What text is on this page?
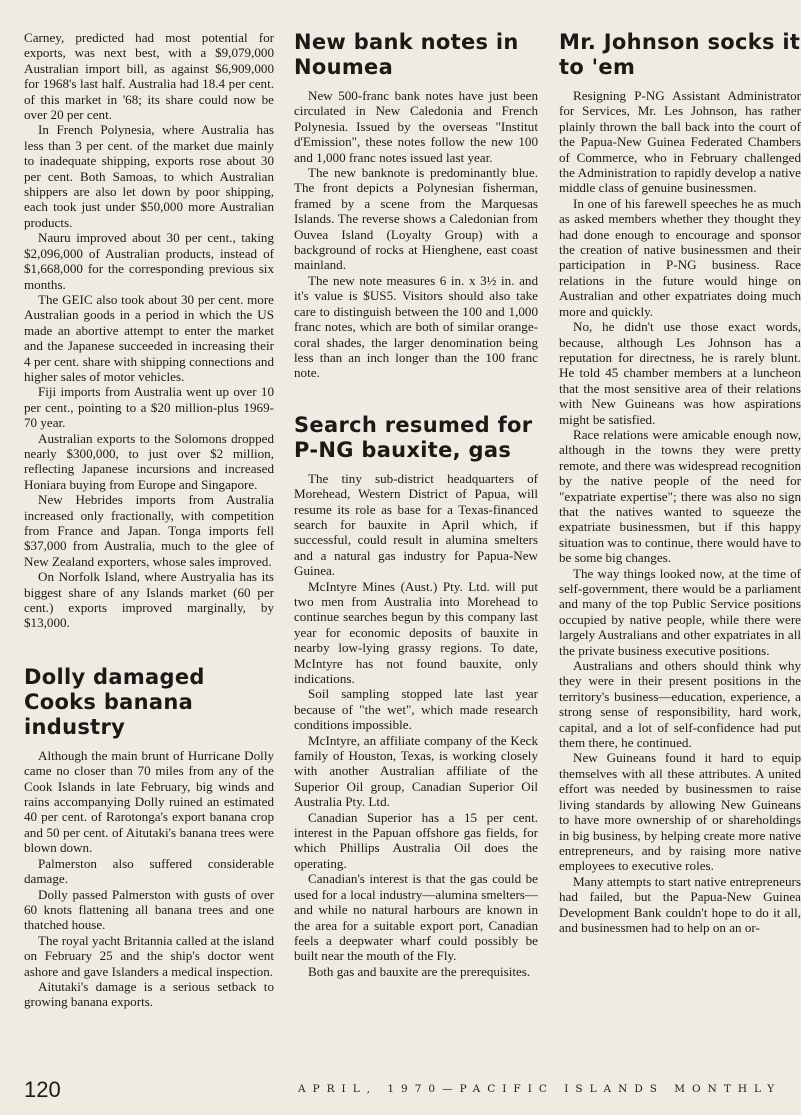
Carney, predicted had most potential for exports, was next best, with a $9,079,000 Australian import bill, as against $6,909,000 for 1968's last half. Australia had 18.4 per cent. of this market in '68; its share could now be over 20 per cent.

In French Polynesia, where Australia has less than 3 per cent. of the market due mainly to inadequate shipping, exports rose about 30 per cent. Both Samoas, to which Australian shippers are also let down by poor shipping, each took just under $50,000 more Australian products.

Nauru improved about 30 per cent., taking $2,096,000 of Australian products, instead of $1,668,000 for the corresponding previous six months.

The GEIC also took about 30 per cent. more Australian goods in a period in which the US made an abortive attempt to enter the market and the Japanese succeeded in increasing their 4 per cent. share with shipping connections and higher sales of motor vehicles.

Fiji imports from Australia went up over 10 per cent., pointing to a $20 million-plus 1969-70 year.

Australian exports to the Solomons dropped nearly $300,000, to just over $2 million, reflecting Japanese incursions and increased Honiara buying from Europe and Singapore.

New Hebrides imports from Australia increased only fractionally, with competition from France and Japan. Tonga imports fell $37,000 from Australia, much to the glee of New Zealand exporters, whose sales improved.

On Norfolk Island, where Austryalia has its biggest share of any Islands market (60 per cent.) exports improved marginally, by $13,000.

Dolly damaged Cooks banana industry

Although the main brunt of Hurricane Dolly came no closer than 70 miles from any of the Cook Islands in late February, big winds and rains accompanying Dolly ruined an estimated 40 per cent. of Rarotonga's export banana crop and 50 per cent. of Aitutaki's banana trees were blown down.

Palmerston also suffered considerable damage.

Dolly passed Palmerston with gusts of over 60 knots flattening all banana trees and one thatched house.

The royal yacht Britannia called at the island on February 25 and the ship's doctor went ashore and gave Islanders a medical inspection.

Aitutaki's damage is a serious setback to growing banana exports.

New bank notes in Noumea

New 500-franc bank notes have just been circulated in New Caledonia and French Polynesia. Issued by the overseas "Institut d'Emission", these notes follow the new 100 and 1,000 franc notes issued last year.

The new banknote is predominantly blue. The front depicts a Polynesian fisherman, framed by a scene from the Marquesas Islands. The reverse shows a Caledonian from Ouvea Island (Loyalty Group) with a background of rocks at Hienghene, east coast mainland.

The new note measures 6 in. x 3½ in. and it's value is $US5. Visitors should also take care to distinguish between the 100 and 1,000 franc notes, which are both of similar orange-coral shades, the larger denomination being less than an inch longer than the 100 franc note.

Search resumed for P-NG bauxite, gas

The tiny sub-district headquarters of Morehead, Western District of Papua, will resume its role as base for a Texas-financed search for bauxite in April which, if successful, could result in alumina smelters and a natural gas industry for Papua-New Guinea.

McIntyre Mines (Aust.) Pty. Ltd. will put two men from Australia into Morehead to continue searches begun by this company last year for economic deposits of bauxite in nearby low-lying grassy regions. To date, McIntyre has not found bauxite, only indications.

Soil sampling stopped late last year because of "the wet", which made research conditions impossible.

McIntyre, an affiliate company of the Keck family of Houston, Texas, is working closely with another Australian affiliate of the Superior Oil group, Canadian Superior Oil Australia Pty. Ltd.

Canadian Superior has a 15 per cent. interest in the Papuan offshore gas fields, for which Phillips Australia Oil does the operating.

Canadian's interest is that the gas could be used for a local industry—alumina smelters—and while no natural harbours are known in the area for a suitable export port, Canadian feels a deepwater wharf could possibly be built near the mouth of the Fly.

Both gas and bauxite are the prerequisites.

Mr. Johnson socks it to 'em

Resigning P-NG Assistant Administrator for Services, Mr. Les Johnson, has rather plainly thrown the ball back into the court of the Papua-New Guinea Federated Chambers of Commerce, who in February challenged the Administration to rapidly develop a native middle class of genuine businessmen.

In one of his farewell speeches he as much as asked members whether they thought they had done enough to encourage and sponsor the creation of native businessmen and their participation in P-NG business. Race relations in the future would hinge on Australian and other expatriates doing much more and quickly.

No, he didn't use those exact words, because, although Les Johnson has a reputation for directness, he is rarely blunt. He told 45 chamber members at a luncheon that the most sensitive area of their relations with New Guineans was how aspirations might be satisfied.

Race relations were amicable enough now, although in the towns they were pretty remote, and there was widespread recognition by the native people of the need for "expatriate expertise"; there was also no sign that the natives wanted to squeeze the expatriate businessmen, but if this happy situation was to continue, there would have to be some big changes.

The way things looked now, at the time of self-government, there would be a parliament and many of the top Public Service positions occupied by native people, while there were largely Australians and other expatriates in all the private business executive positions.

Australians and others should think why they were in their present positions in the territory's business—education, experience, a strong sense of responsibility, hard work, capital, and a lot of self-confidence had put them there, he continued.

New Guineans found it hard to equip themselves with all these attributes. A united effort was needed by businessmen to raise living standards by allowing New Guineans to have more ownership of or shareholdings in big business, by helping create more native entrepreneurs, and by raising more native employees to executive roles.

Many attempts to start native entrepreneurs had failed, but the Papua-New Guinea Development Bank couldn't hope to do it all, and businessmen had to help on an or-

120	APRIL, 1970—PACIFIC ISLANDS MONTHLY
